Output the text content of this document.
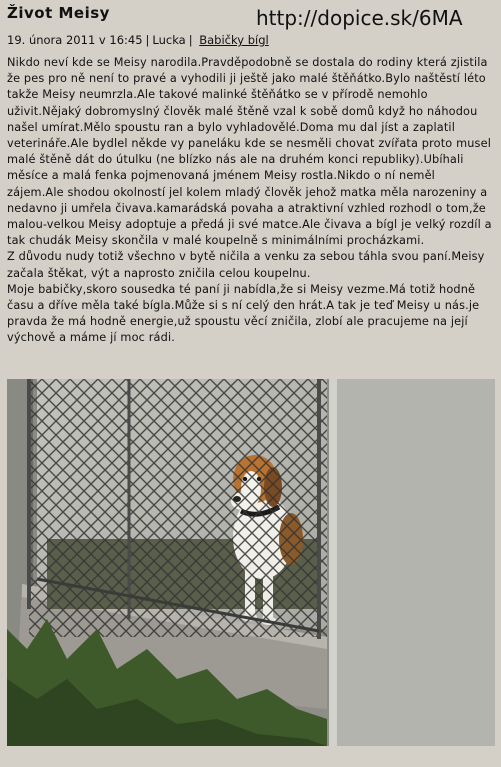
Život Meisy	http://dopice.sk/6MA
19. února 2011 v 16:45 | Lucka | Babičky bígl

Nikdo neví kde se Meisy narodila.Pravděpodobně se dostala do rodiny která zjistila že pes pro ně není to pravé a vyhodili ji ještě jako malé štěňátko.Bylo naštěstí léto takže Meisy neumrzla.Ale takové malinké štěňátko se v přírodě nemohlo uživit.Nějaký dobromyslný člověk malé štěně vzal k sobě domů když ho náhodou našel umírat.Mělo spoustu ran a bylo vyhladovělé.Doma mu dal jíst a zaplatil veterináře.Ale bydlel někde vy paneláku kde se nesměli chovat zvířata proto musel malé štěně dát do útulku (ne blízko nás ale na druhém konci republiky).Ubíhali měsíce a malá fenka pojmenovaná jménem Meisy rostla.Nikdo o ní neměl zájem.Ale shodou okolností jel kolem mladý člověk jehož matka měla narozeniny a nedavno ji umřela čivava.kamarádská povaha a atraktivní vzhled rozhodl o tom,že malou-velkou Meisy adoptuje a předá ji své matce.Ale čivava a bígl je velký rozdíl a tak chudák Meisy skončila v malé koupelně s minimálními procházkami.

Z důvodu nudy totiž všechno v bytě ničila a venku za sebou táhla svou paní.Meisy začala štěkat, výt a naprosto zničila celou koupelnu.

Moje babičky,skoro sousedka té paní ji nabídla,že si Meisy vezme.Má totiž hodně času a dříve měla také bígla.Může si s ní celý den hrát.A tak je teď Meisy u nás.je pravda že má hodně energie,už spoustu věcí zničila, zlobí ale pracujeme na její výchově a máme jí moc rádi.
